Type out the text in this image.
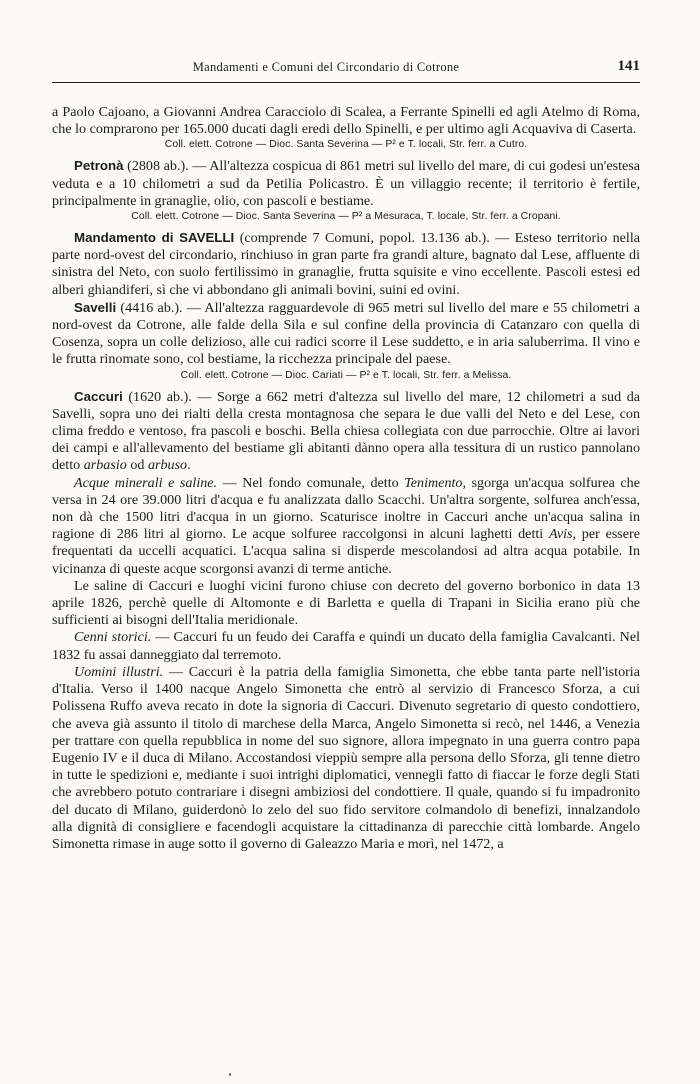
Mandamenti e Comuni del Circondario di Cotrone	141

a Paolo Cajoano, a Giovanni Andrea Caracciolo di Scalea, a Ferrante Spinelli ed agli Atelmo di Roma, che lo comprarono per 165.000 ducati dagli eredi dello Spinelli, e per ultimo agli Acquaviva di Caserta.

Coll. elett. Cotrone — Dioc. Santa Severina — P² e T. locali, Str. ferr. a Cutro.

Petronà (2808 ab.). — All'altezza cospicua di 861 metri sul livello del mare, di cui godesi un'estesa veduta e a 10 chilometri a sud da Petilia Policastro. È un villaggio recente; il territorio è fertile, principalmente in granaglie, olio, con pascoli e bestiame.

Coll. elett. Cotrone — Dioc. Santa Severina — P² a Mesuraca, T. locale, Str. ferr. a Cropani.

Mandamento di SAVELLI (comprende 7 Comuni, popol. 13.136 ab.). — Esteso territorio nella parte nord-ovest del circondario, rinchiuso in gran parte fra grandi alture, bagnato dal Lese, affluente di sinistra del Neto, con suolo fertilissimo in granaglie, frutta squisite e vino eccellente. Pascoli estesi ed alberi ghiandiferi, sì che vi abbondano gli animali bovini, suini ed ovini.

Savelli (4416 ab.). — All'altezza ragguardevole di 965 metri sul livello del mare e 55 chilometri a nord-ovest da Cotrone, alle falde della Sila e sul confine della provincia di Catanzaro con quella di Cosenza, sopra un colle delizioso, alle cui radici scorre il Lese suddetto, e in aria saluberrima. Il vino e le frutta rinomate sono, col bestiame, la ricchezza principale del paese.

Coll. elett. Cotrone — Dioc. Cariati — P² e T. locali, Str. ferr. a Melissa.

Caccuri (1620 ab.). — Sorge a 662 metri d'altezza sul livello del mare, 12 chilometri a sud da Savelli, sopra uno dei rialti della cresta montagnosa che separa le due valli del Neto e del Lese, con clima freddo e ventoso, fra pascoli e boschi. Bella chiesa collegiata con due parrocchie. Oltre ai lavori dei campi e all'allevamento del bestiame gli abitanti dànno opera alla tessitura di un rustico pannolano detto arbasio od arbuso.

Acque minerali e saline. — Nel fondo comunale, detto Tenimento, sgorga un'acqua solfurea che versa in 24 ore 39.000 litri d'acqua e fu analizzata dallo Scacchi. Un'altra sorgente, solfurea anch'essa, non dà che 1500 litri d'acqua in un giorno. Scaturisce inoltre in Caccuri anche un'acqua salina in ragione di 286 litri al giorno. Le acque solfuree raccolgonsi in alcuni laghetti detti Avis, per essere frequentati da uccelli acquatici. L'acqua salina si disperde mescolandosi ad altra acqua potabile. In vicinanza di queste acque scorgonsi avanzi di terme antiche.

Le saline di Caccuri e luoghi vicini furono chiuse con decreto del governo borbonico in data 13 aprile 1826, perchè quelle di Altomonte e di Barletta e quella di Trapani in Sicilia erano più che sufficienti ai bisogni dell'Italia meridionale.

Cenni storici. — Caccuri fu un feudo dei Caraffa e quindi un ducato della famiglia Cavalcanti. Nel 1832 fu assai danneggiato dal terremoto.

Uomini illustri. — Caccuri è la patria della famiglia Simonetta, che ebbe tanta parte nell'istoria d'Italia. Verso il 1400 nacque Angelo Simonetta che entrò al servizio di Francesco Sforza, a cui Polissena Ruffo aveva recato in dote la signoria di Caccuri. Divenuto segretario di questo condottiero, che aveva già assunto il titolo di marchese della Marca, Angelo Simonetta si recò, nel 1446, a Venezia per trattare con quella repubblica in nome del suo signore, allora impegnato in una guerra contro papa Eugenio IV e il duca di Milano. Accostandosi vieppiù sempre alla persona dello Sforza, gli tenne dietro in tutte le spedizioni e, mediante i suoi intrighi diplomatici, vennegli fatto di fiaccar le forze degli Stati che avrebbero potuto contrariare i disegni ambiziosi del condottiere. Il quale, quando si fu impadronito del ducato di Milano, guiderdonò lo zelo del suo fido servitore colmandolo di benefizi, innalzandolo alla dignità di consigliere e facendogli acquistare la cittadinanza di parecchie città lombarde. Angelo Simonetta rimase in auge sotto il governo di Galeazzo Maria e morì, nel 1472, a
